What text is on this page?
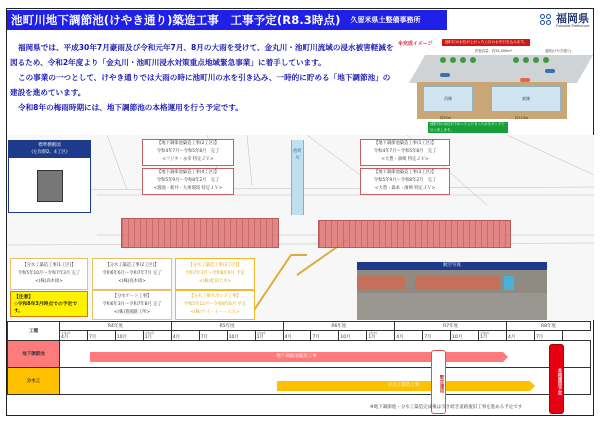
池町川地下調節池(けやき通り)築造工事　工事予定(R8.3時点) 久留米県土整備事務所	福岡県
Fukuoka Prefecture

福岡県では、平成30年7月豪雨及び令和元年7月、8月の大雨を受けて、金丸川・池町川流域の浸水被害軽減を図るため、令和2年度より「金丸川・池町川浸水対策重点地域緊急事業」に着手しています。

この事業の一つとして、けやき通りでは大雨の時に池町川の水を引き込み、一時的に貯める「地下調節池」の建設を進めています。

令和8年の梅雨時期には、地下調節池の本格運用を行う予定です。

西側	東側
※完成イメージ	池町川の水位が上がったら川の水を引き込みます。
貯留容量：約24,000m³	道路(けやき通り)
約93m	約113m
池町川の水位が下がったらたまった水をポンプで川に戻します。
標準横断図
(左岸側2、4工区)	池町川
【地下調節池築造工事(2工区)】
令和4年7月～令和5年8月　完了
<フジタ・永幸 特定ＪＶ>
【地下調節池築造工事(4工区)】
令和5年9月～令和8年2月　完了
<鴻池・新井・九州環境 特定ＪＶ>
【地下調節池築造工事(1工区)】
令和4年7月～令和5年8月　完了
<大豊・濱崎 特定ＪＶ>
【地下調節池築造工事(3工区)】
令和5年9月～令和8年2月　完了
<大豊・森本・濱崎 特定ＪＶ>
【分水工築造工事(1工区)】
令和5年10月～令和7年3月 完了
<(株)高木組>
【分水工築造工事(2工区)】
令和6年6月～令和7年7月 完了
<(株)高木組>
【分水工築造工事(3工区)】
令和7年3月～令和8年6月 予定
<(株)松田土木>
【分水ゲート工事】
令和6年3月～令和7年8月 完了
<(株)豊國鉄工所>
【分水工排水ポンプ工事】
令和5年12月～令和8年6月 予定
<(株)ケイ・イー・エス>
【注意】
◇令和8年3月時点での予定です。
航空写真
工種	R4年度				R5年度				R6年度				R7年度				R8年度	

	令和4年
4月	7月	10月	令和5年
1月	4月	7月	10月	令和6年
1月	4月	7月	10月	令和7年
1月	4月	7月	10月	令和8年
1月	4月	7月
地下調節池																		
分水工																		
地下調節池築造工事
分水工築造工事	暫定運用	本格運用予定
※地下調節池・分水工築造完成後は引き続き道路復旧工事を進める予定です
